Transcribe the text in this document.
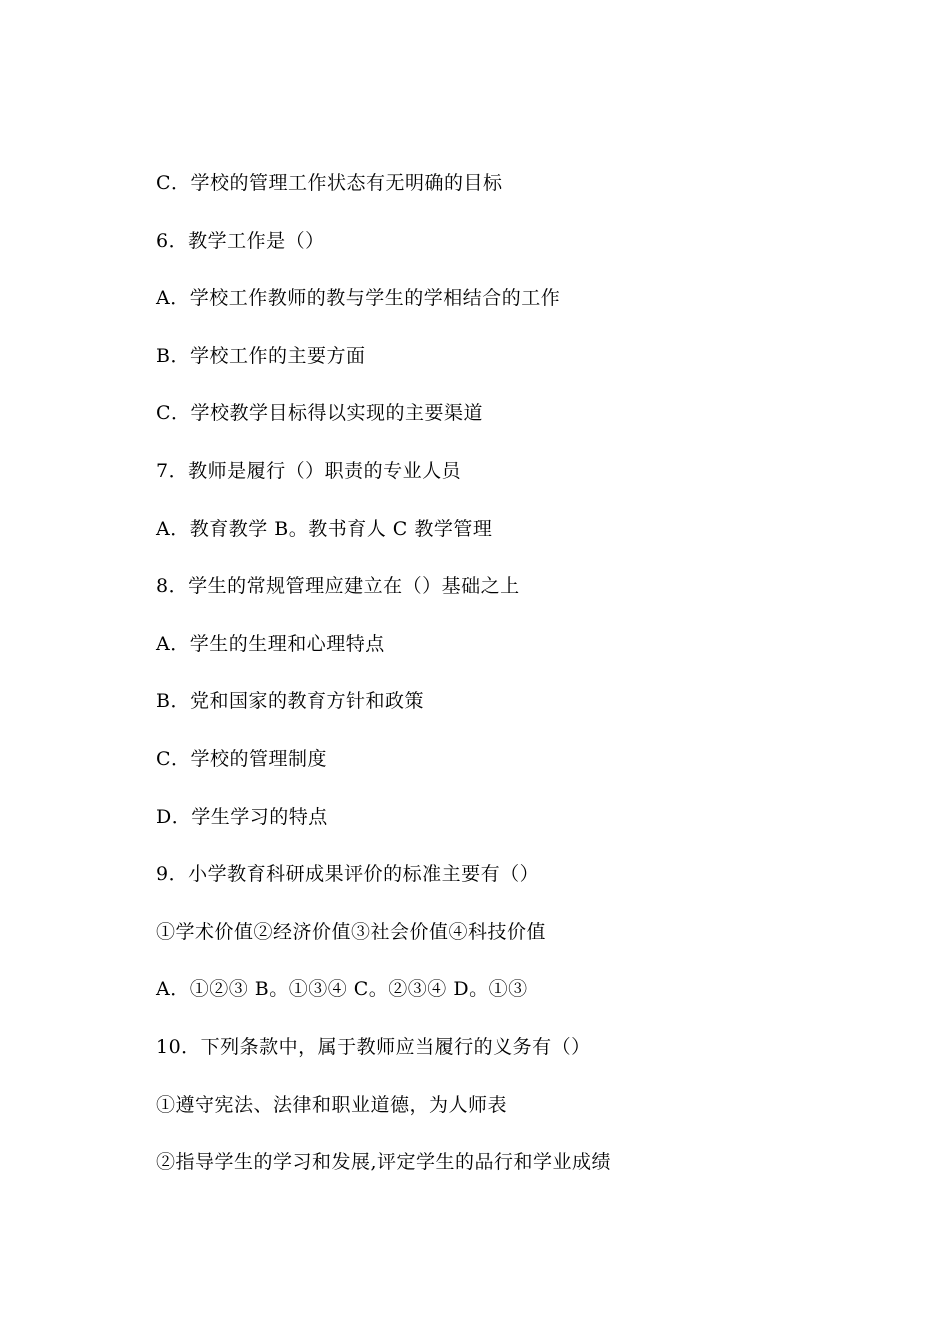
C．学校的管理工作状态有无明确的目标
6．教学工作是（）
A．学校工作教师的教与学生的学相结合的工作
B．学校工作的主要方面
C．学校教学目标得以实现的主要渠道
7．教师是履行（）职责的专业人员
A．教育教学 B。教书育人 C 教学管理
8．学生的常规管理应建立在（）基础之上
A．学生的生理和心理特点
B．党和国家的教育方针和政策
C．学校的管理制度
D．学生学习的特点
9．小学教育科研成果评价的标准主要有（）
①学术价值②经济价值③社会价值④科技价值
A．①②③ B。①③④ C。②③④ D。①③
10．下列条款中，属于教师应当履行的义务有（）
①遵守宪法、法律和职业道德，为人师表
②指导学生的学习和发展,评定学生的品行和学业成绩
